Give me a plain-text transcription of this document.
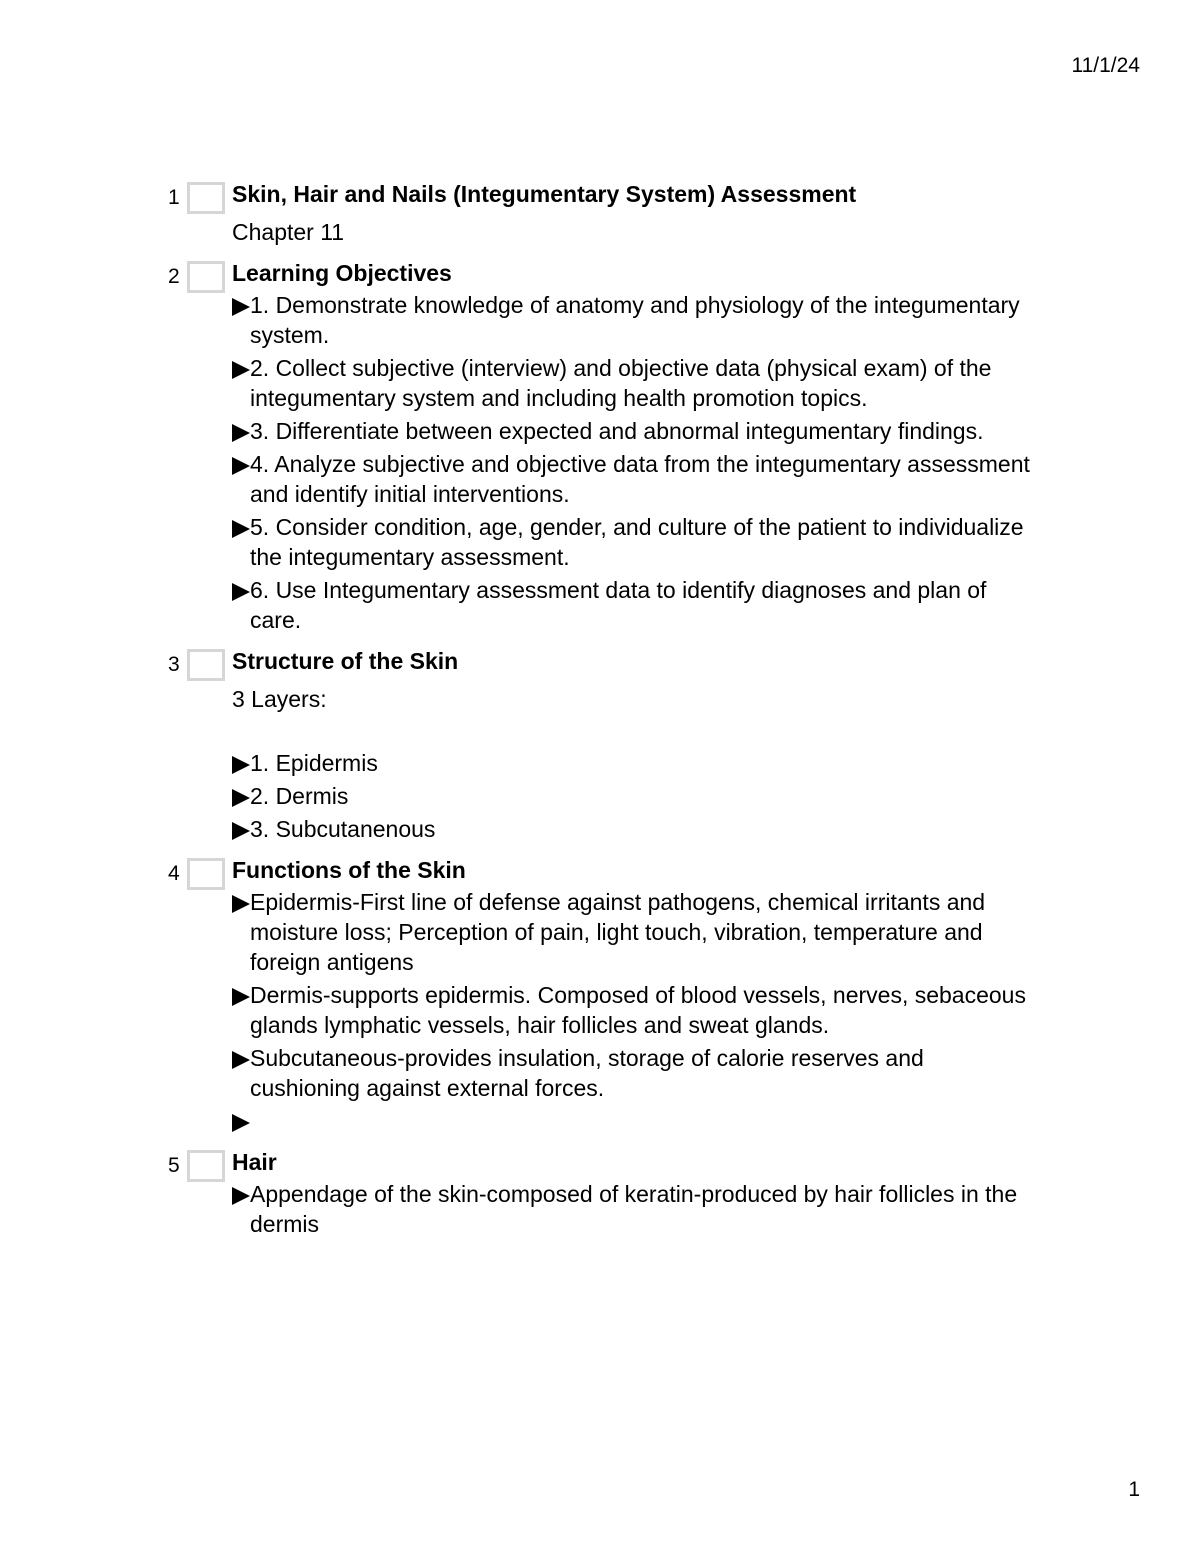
11/1/24
1 Skin, Hair and Nails (Integumentary System) Assessment

Chapter 11

2 Learning Objectives

1. Demonstrate knowledge of anatomy and physiology of the integumentary system.
2. Collect subjective (interview) and objective data (physical exam) of the integumentary system and including health promotion topics.
3. Differentiate between expected and abnormal integumentary findings.
4. Analyze subjective and objective data from the integumentary assessment and identify initial interventions.
5. Consider condition, age, gender, and culture of the patient to individualize the integumentary assessment.
6. Use Integumentary assessment data to identify diagnoses and plan of care.
3 Structure of the Skin

3 Layers:

1. Epidermis
2. Dermis
3. Subcutanenous
4 Functions of the Skin

Epidermis-First line of defense against pathogens, chemical irritants and moisture loss; Perception of pain, light touch, vibration, temperature and foreign antigens
Dermis-supports epidermis. Composed of blood vessels, nerves, sebaceous glands lymphatic vessels, hair follicles and sweat glands.
Subcutaneous-provides insulation, storage of calorie reserves and cushioning against external forces.
5 Hair

Appendage of the skin-composed of keratin-produced by hair follicles in the dermis
1
